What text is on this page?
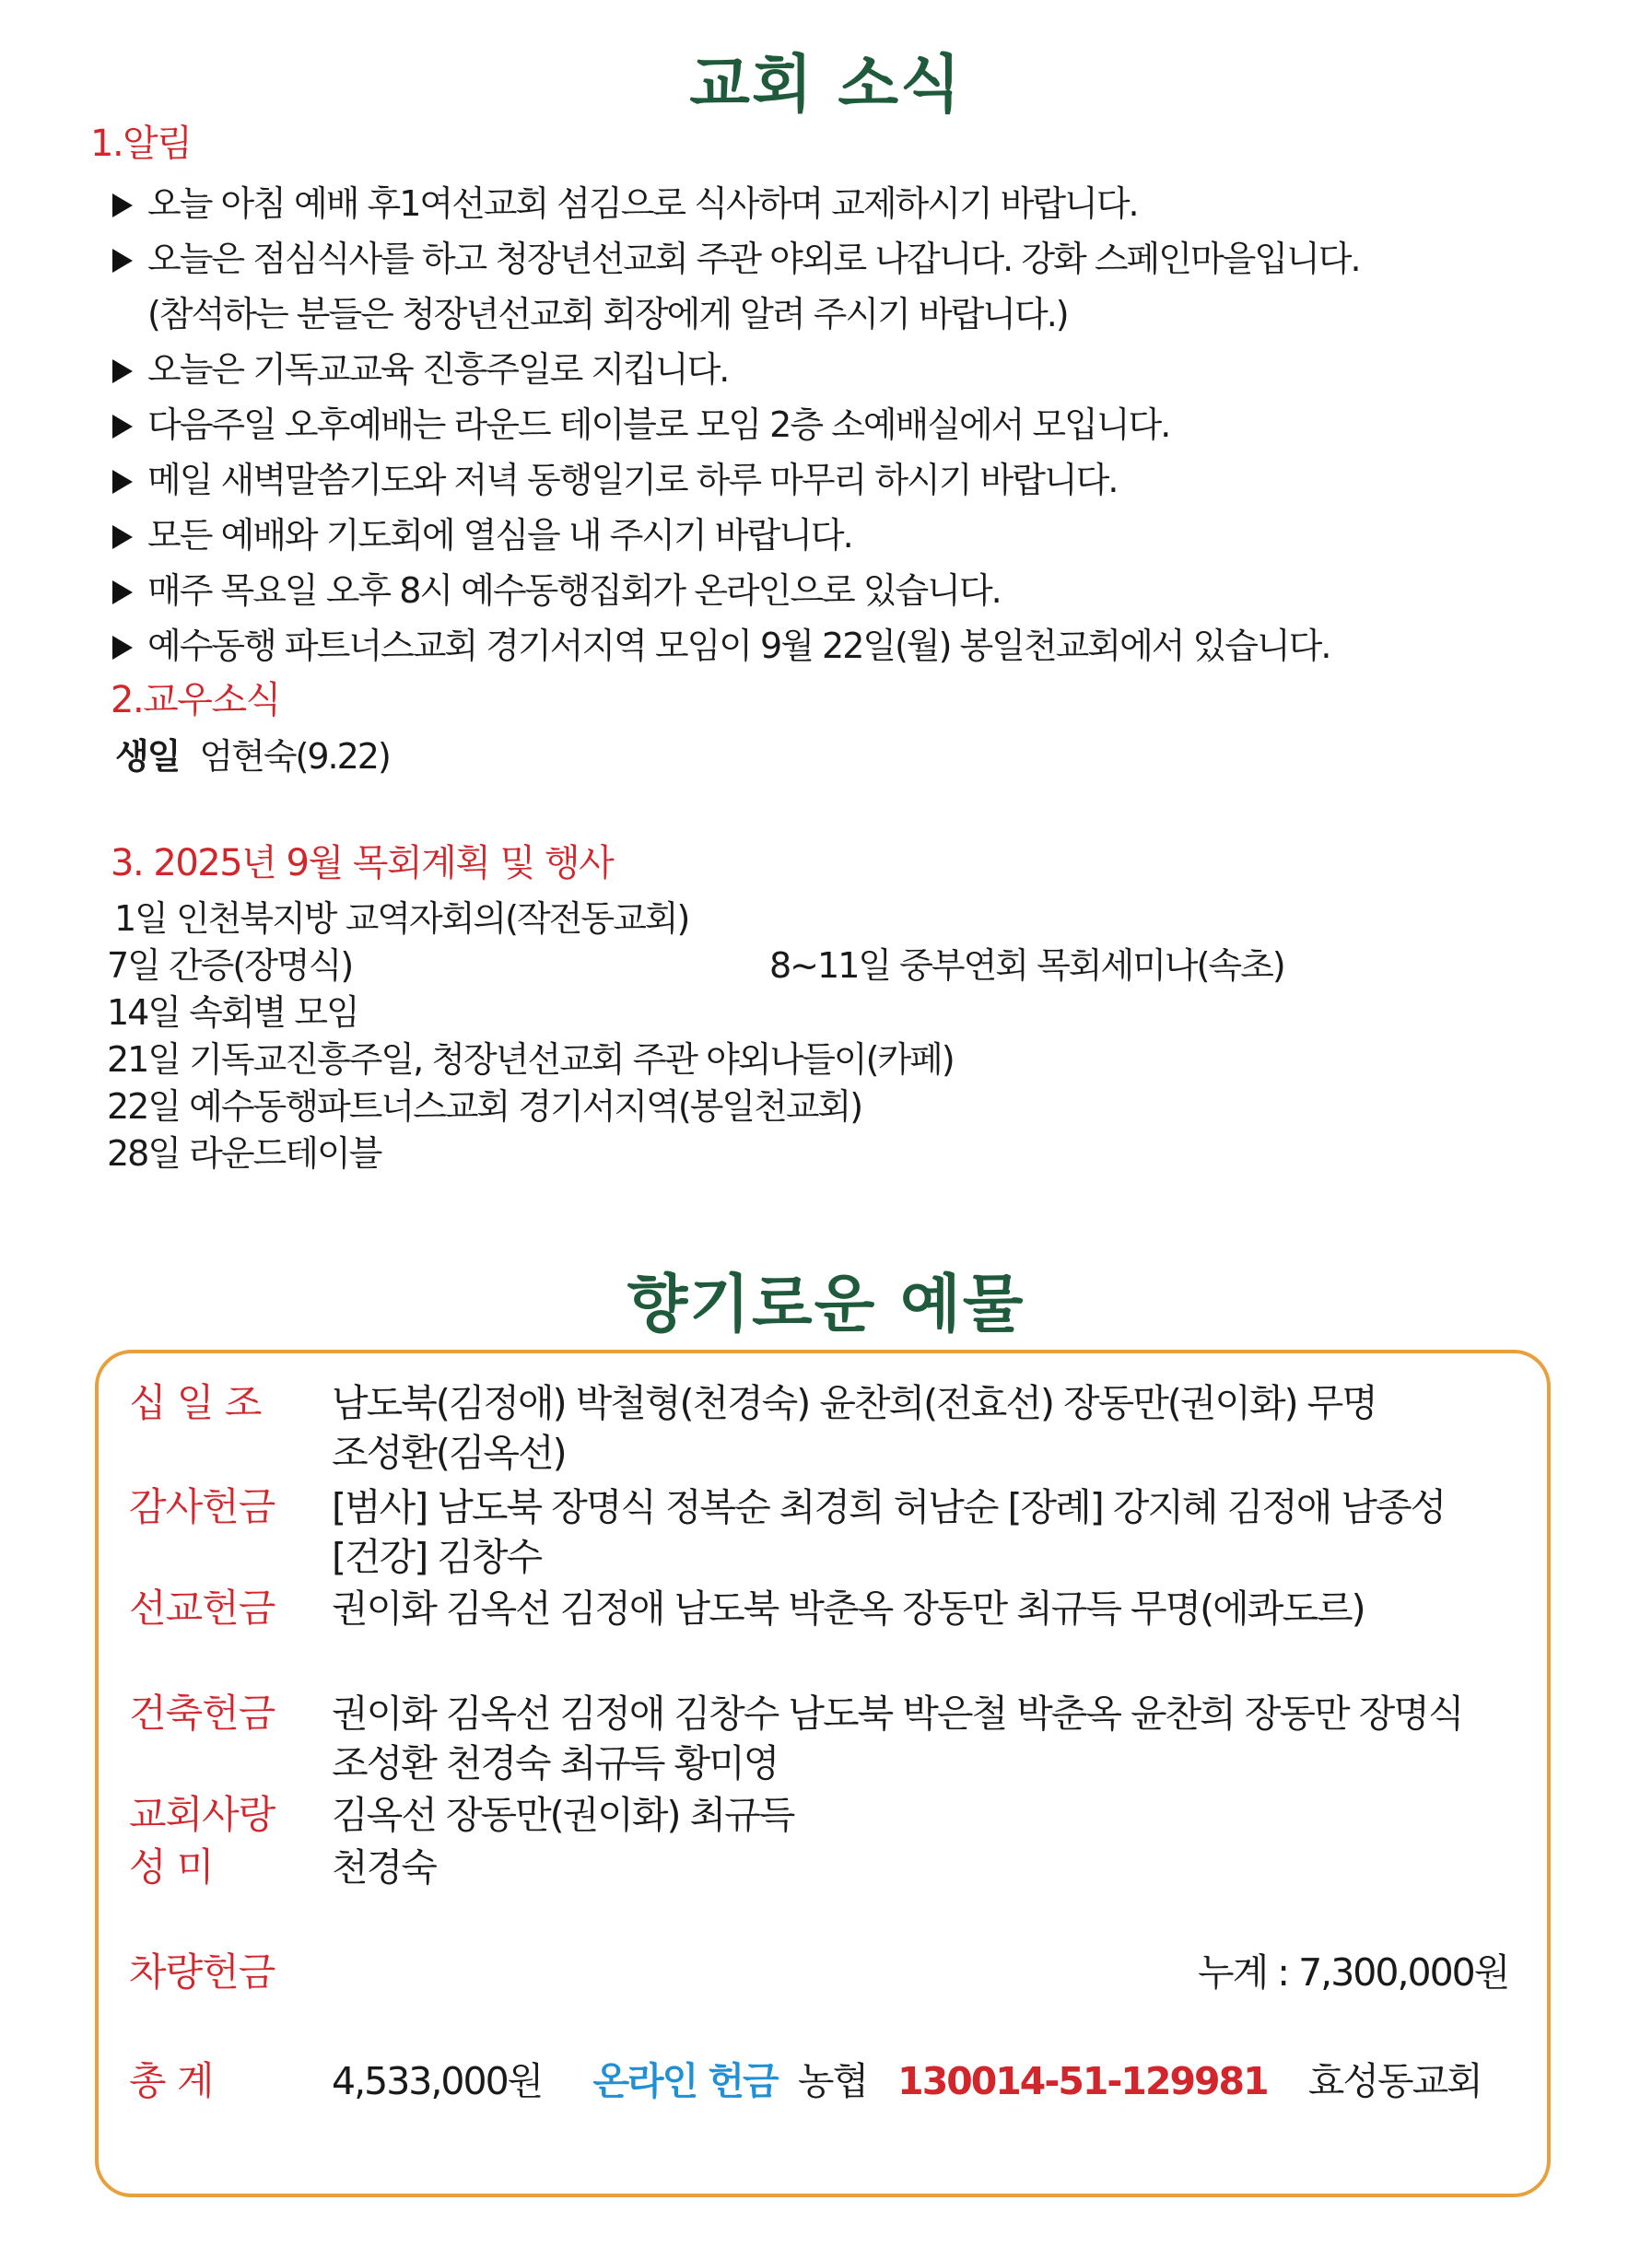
교회 소식
1.알림
오늘 아침 예배 후1여선교회 섬김으로 식사하며 교제하시기 바랍니다.
오늘은 점심식사를 하고 청장년선교회 주관 야외로 나갑니다. 강화 스페인마을입니다.
(참석하는 분들은 청장년선교회 회장에게 알려 주시기 바랍니다.)
오늘은 기독교교육 진흥주일로 지킵니다.
다음주일 오후예배는 라운드 테이블로 모임 2층 소예배실에서 모입니다.
메일 새벽말씀기도와 저녁 동행일기로 하루 마무리 하시기 바랍니다.
모든 예배와 기도회에 열심을 내 주시기 바랍니다.
매주 목요일 오후 8시 예수동행집회가 온라인으로 있습니다.
예수동행 파트너스교회 경기서지역 모임이 9월 22일(월) 봉일천교회에서 있습니다.
2.교우소식
생일 엄현숙(9.22)
3. 2025년 9월 목회계획 및 행사
1일 인천북지방 교역자회의(작전동교회)
7일 간증(장명식)	8~11일 중부연회 목회세미나(속초)
14일 속회별 모임
21일 기독교진흥주일, 청장년선교회 주관 야외나들이(카페)
22일 예수동행파트너스교회 경기서지역(봉일천교회)
28일 라운드테이블
향기로운 예물
십 일 조 남도북(김정애) 박철형(천경숙) 윤찬희(전효선) 장동만(권이화) 무명
조성환(김옥선)
감사헌금 [범사] 남도북 장명식 정복순 최경희 허남순 [장례] 강지혜 김정애 남종성
[건강] 김창수
선교헌금 권이화 김옥선 김정애 남도북 박춘옥 장동만 최규득 무명(에콰도르)
건축헌금 권이화 김옥선 김정애 김창수 남도북 박은철 박춘옥 윤찬희 장동만 장명식
조성환 천경숙 최규득 황미영
교회사랑 김옥선 장동만(권이화) 최규득
성 미	천경숙
차량헌금	누계 : 7,300,000원
총 계	4,533,000원 온라인 헌금 농협 130014-51-129981 효성동교회
